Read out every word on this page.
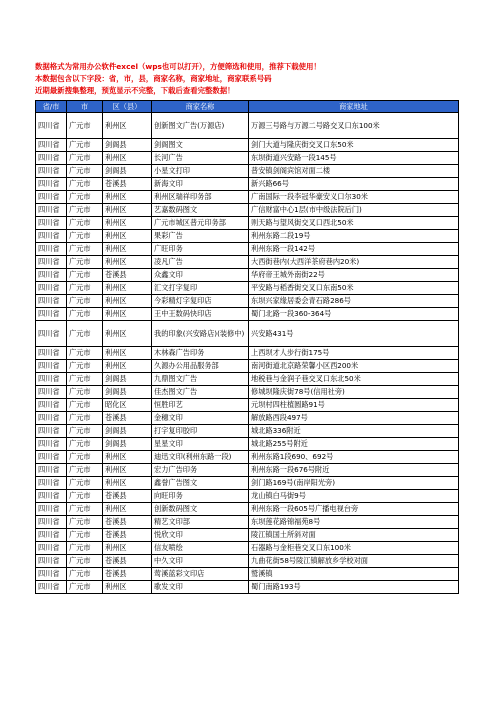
数据格式为常用办公软件excel（wps也可以打开），方便筛选和使用，推荐下载使用！
本数据包含以下字段：省，市，县，商家名称，商家地址，商家联系号码
近期最新搜集整理，预览显示不完整，下载后查看完整数据！
省/市	市	区（县）	商家名称	商家地址
四川省	广元市	利州区	创新图文广告(万源店)	万源三号路与万源二号路交叉口东100米
四川省	广元市	剑阁县	剑阁图文	剑门大道与隆庆街交叉口东50米
四川省	广元市	利州区	长河广告	东坝街道兴安路一段145号
四川省	广元市	剑阁县	小星文打印	普安镇剑阁宾馆对面二楼
四川省	广元市	苍溪县	新海文印	新兴路66号
四川省	广元市	利州区	利州区瑞祥印务部	广南国际一段李冠华豪安义口尔30米
四川省	广元市	利州区	艺嘉数码图文	广信财富中心1层(市中级法院后门)
四川省	广元市	利州区	广元市城区普元印务部	则天路与望风街交叉口西北50米
四川省	广元市	利州区	果彩广告	利州东路二段19号
四川省	广元市	利州区	广旺印务	利州东路一段142号
四川省	广元市	利州区	凌凡广告	大西街巷内(大西洋茶府巷内20米)
四川省	广元市	苍溪县	众鑫文印	华府帝王城外南街22号
四川省	广元市	利州区	汇文打字复印	平安路与稻香街交叉口东南50米
四川省	广元市	利州区	今彩精灯字复印店	东坝兴家缘居委会青石路286号
四川省	广元市	利州区	王中王数码快印店	蜀门北路一段360-364号
四川省	广元市	利州区	我的印象(兴安路店)(装修中)	兴安路431号
四川省	广元市	利州区	木林森广告印务	上西坝才人步行街175号
四川省	广元市	利州区	久源办公用品服务部	南河街道北京路荣馨小区西200米
四川省	广元市	剑阁县	九鼎图文广告	地税巷与金润子巷交叉口东北50米
四川省	广元市	剑阁县	佳杰图文广告	修城坝隆庆街78号(信用社旁)
四川省	广元市	昭化区	恒胜印艺	元坝村四柱植圆路91号
四川省	广元市	苍溪县	金穗文印	解放路西段497号
四川省	广元市	剑阁县	打字复印胶印	城北路336附近
四川省	广元市	剑阁县	星星文印	城北路255号附近
四川省	广元市	利州区	迪迅文印(利州东路一段)	利州东路1段690、692号
四川省	广元市	利州区	宏力广告印务	利州东路一段676号附近
四川省	广元市	利州区	鑫誉广告图文	剑门路169号(南岸阳光旁)
四川省	广元市	苍溪县	向旺印务	龙山镇白马街9号
四川省	广元市	利州区	创新数码图文	利州东路一段605号广播电视台旁
四川省	广元市	苍溪县	精艺文印部	东坝莲花路锦福苑8号
四川省	广元市	苍溪县	悦欣文印	陵江镇国土所斜对面
四川省	广元市	利州区	信友喷绘	石器路与金柜巷交叉口东100米
四川省	广元市	苍溪县	中久文印	九曲花街58号陵江镇解放乡学校对面
四川省	广元市	苍溪县	莺溪蓝彩文印店	鹫溪镇
四川省	广元市	利州区	歌发文印	蜀门南路193号
